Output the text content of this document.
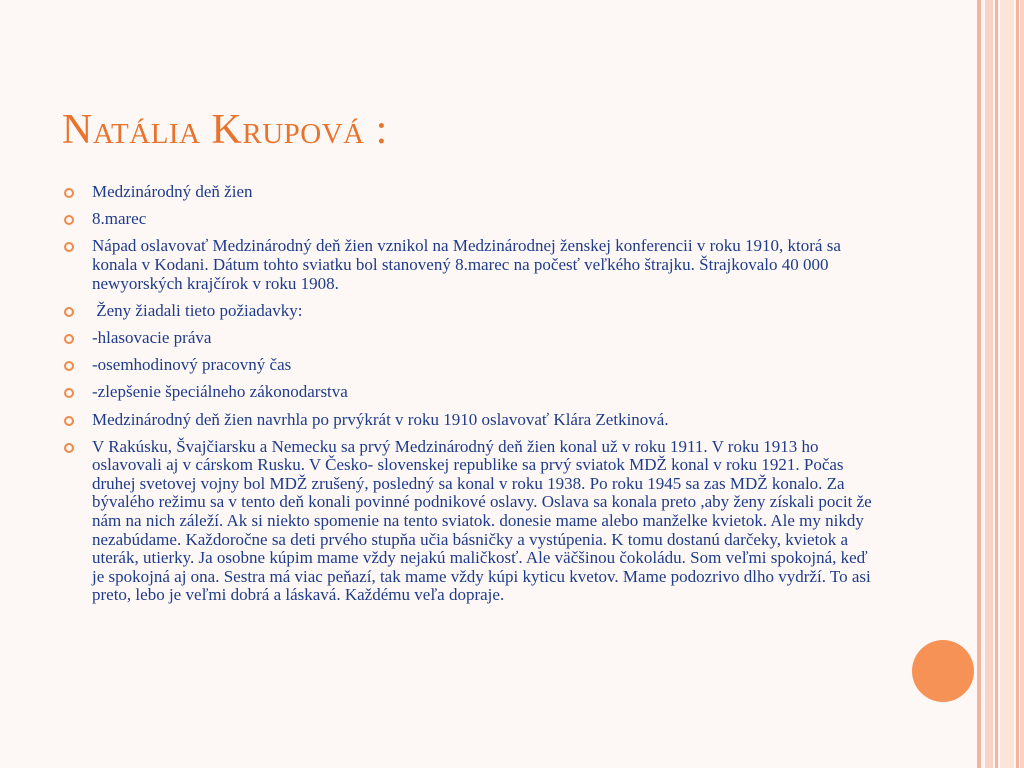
Natália Krupová :
Medzinárodný deň žien
8.marec
Nápad oslavovať Medzinárodný deň žien vznikol na Medzinárodnej ženskej konferencii v roku 1910, ktorá sa konala v Kodani. Dátum tohto sviatku bol stanovený 8.marec na počesť veľkého štrajku. Štrajkovalo 40 000 newyorských krajčírok v roku 1908.
Ženy žiadali tieto požiadavky:
-hlasovacie práva
-osemhodinový pracovný čas
-zlepšenie špeciálneho zákonodarstva
Medzinárodný deň žien navrhla po prvýkrát v roku 1910 oslavovať Klára Zetkinová.
V Rakúsku, Švajčiarsku a Nemecku sa prvý Medzinárodný deň žien konal už v roku 1911. V roku 1913 ho oslavovali aj v cárskom Rusku. V Česko- slovenskej republike sa prvý sviatok MDŽ konal v roku 1921. Počas druhej svetovej vojny bol MDŽ zrušený, posledný sa konal v roku 1938. Po roku 1945 sa zas MDŽ konalo. Za bývalého režimu sa v tento deň konali povinné podnikové oslavy. Oslava sa konala preto ,aby ženy získali pocit že nám na nich záleží. Ak si niekto spomenie na tento sviatok. donesie mame alebo manželke kvietok. Ale my nikdy nezabúdame. Každoročne sa deti prvého stupňa učia básničky a vystúpenia. K tomu dostanú darčeky, kvietok a uterák, utierky. Ja osobne kúpim mame vždy nejakú maličkosť. Ale väčšinou čokoládu. Som veľmi spokojná, keď je spokojná aj ona. Sestra má viac peňazí, tak mame vždy kúpi kyticu kvetov. Mame podozrivo dlho vydrží. To asi preto, lebo je veľmi dobrá a láskavá. Každému veľa dopraje.
